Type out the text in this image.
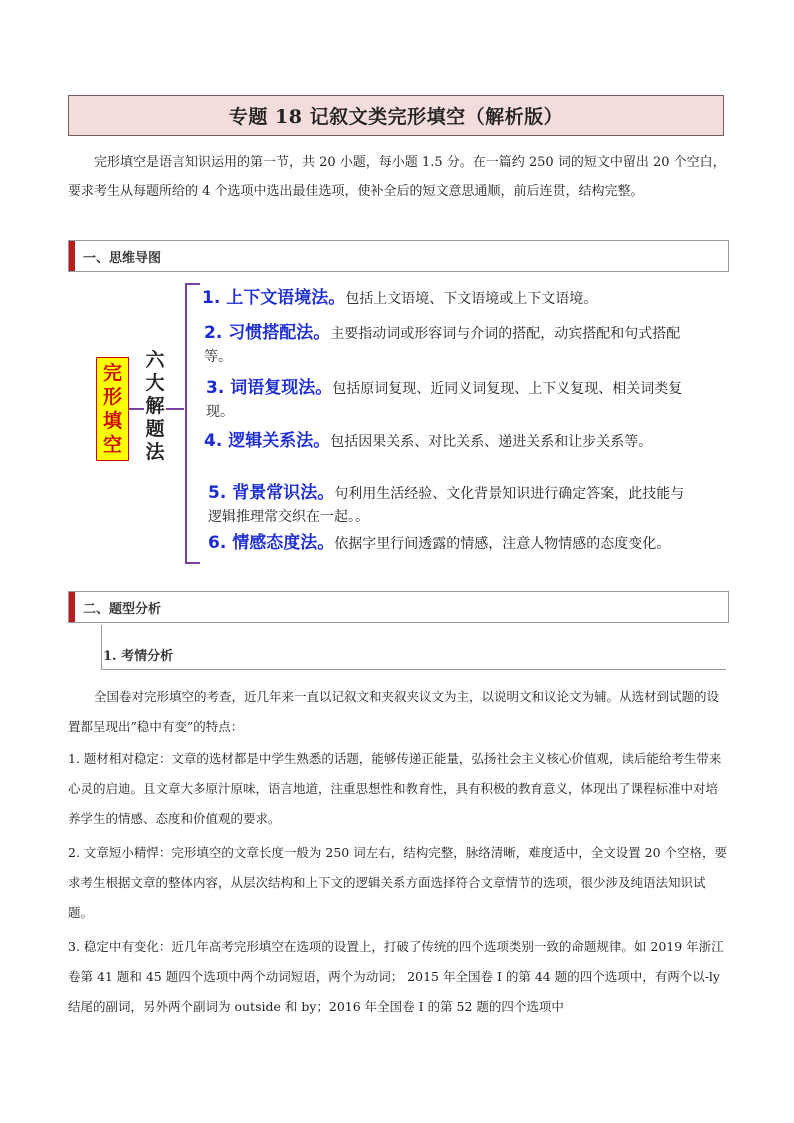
专题 18 记叙文类完形填空（解析版）
完形填空是语言知识运用的第一节，共 20 小题，每小题 1.5 分。在一篇约 250 词的短文中留出 20 个空白，要求考生从每题所给的 4 个选项中选出最佳选项，使补全后的短文意思通顺，前后连贯，结构完整。
一、思维导图
完
形
填
空
六
大
解
题
法
1. 上下文语境法。包括上文语境、下文语境或上下文语境。
2. 习惯搭配法。主要指动词或形容词与介词的搭配，动宾搭配和句式搭配等。
3. 词语复现法。包括原词复现、近同义词复现、上下义复现、相关词类复现。
4. 逻辑关系法。包括因果关系、对比关系、递进关系和让步关系等。
5. 背景常识法。句利用生活经验、文化背景知识进行确定答案，此技能与逻辑推理常交织在一起。。
6. 情感态度法。依据字里行间透露的情感，注意人物情感的态度变化。
二、题型分析
1. 考情分析
全国卷对完形填空的考查，近几年来一直以记叙文和夹叙夹议文为主，以说明文和议论文为辅。从选材到试题的设置都呈现出”稳中有变”的特点：
1. 题材相对稳定：文章的选材都是中学生熟悉的话题，能够传递正能量，弘扬社会主义核心价值观，读后能给考生带来心灵的启迪。且文章大多原汁原味，语言地道，注重思想性和教育性，具有积极的教育意义，体现出了课程标准中对培养学生的情感、态度和价值观的要求。
2. 文章短小精悍：完形填空的文章长度一般为 250 词左右，结构完整，脉络清晰，难度适中，全文设置 20 个空格，要求考生根据文章的整体内容，从层次结构和上下文的逻辑关系方面选择符合文章情节的选项，很少涉及纯语法知识试题。
3. 稳定中有变化：近几年高考完形填空在选项的设置上，打破了传统的四个选项类别一致的命题规律。如 2019 年浙江卷第 41 题和 45 题四个选项中两个动词短语，两个为动词； 2015 年全国卷 I 的第 44 题的四个选项中，有两个以-ly 结尾的副词，另外两个副词为 outside 和 by；2016 年全国卷 I 的第 52 题的四个选项中
